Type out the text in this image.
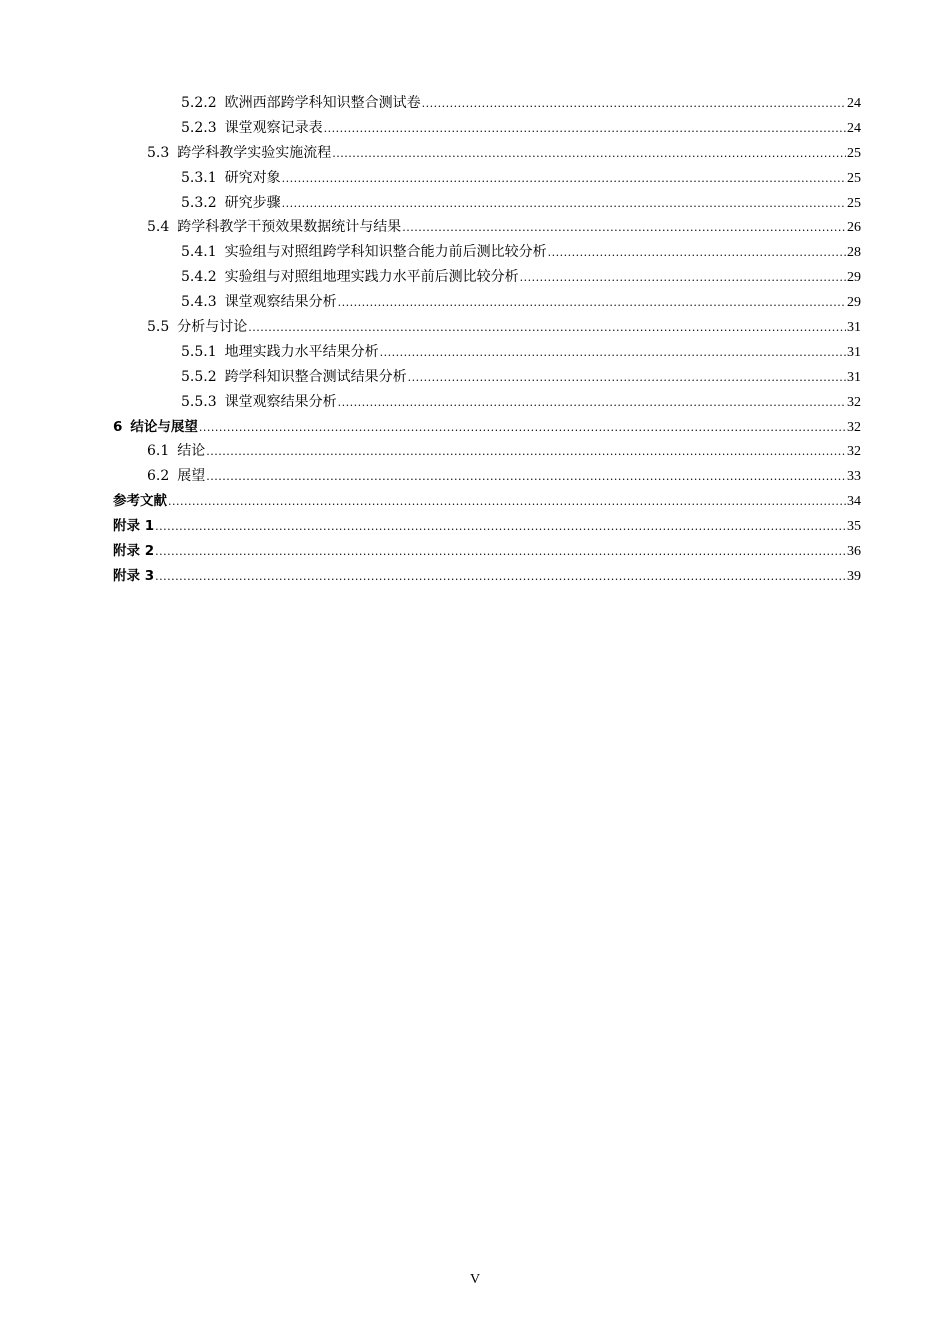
5.2.2 欧洲西部跨学科知识整合测试卷 .....	24
5.2.3 课堂观察记录表 .....	24
5.3 跨学科教学实验实施流程 .....	25
5.3.1 研究对象 .....	25
5.3.2 研究步骤 .....	25
5.4 跨学科教学干预效果数据统计与结果 .....	26
5.4.1 实验组与对照组跨学科知识整合能力前后测比较分析 .....	28
5.4.2 实验组与对照组地理实践力水平前后测比较分析 .....	29
5.4.3 课堂观察结果分析 .....	29
5.5 分析与讨论 .....	31
5.5.1 地理实践力水平结果分析 .....	31
5.5.2 跨学科知识整合测试结果分析 .....	31
5.5.3 课堂观察结果分析 .....	32
6 结论与展望 .....	32
6.1 结论 .....	32
6.2 展望 .....	33
参考文献 .....	34
附录 1 .....	35
附录 2 .....	36
附录 3 .....	39
V
